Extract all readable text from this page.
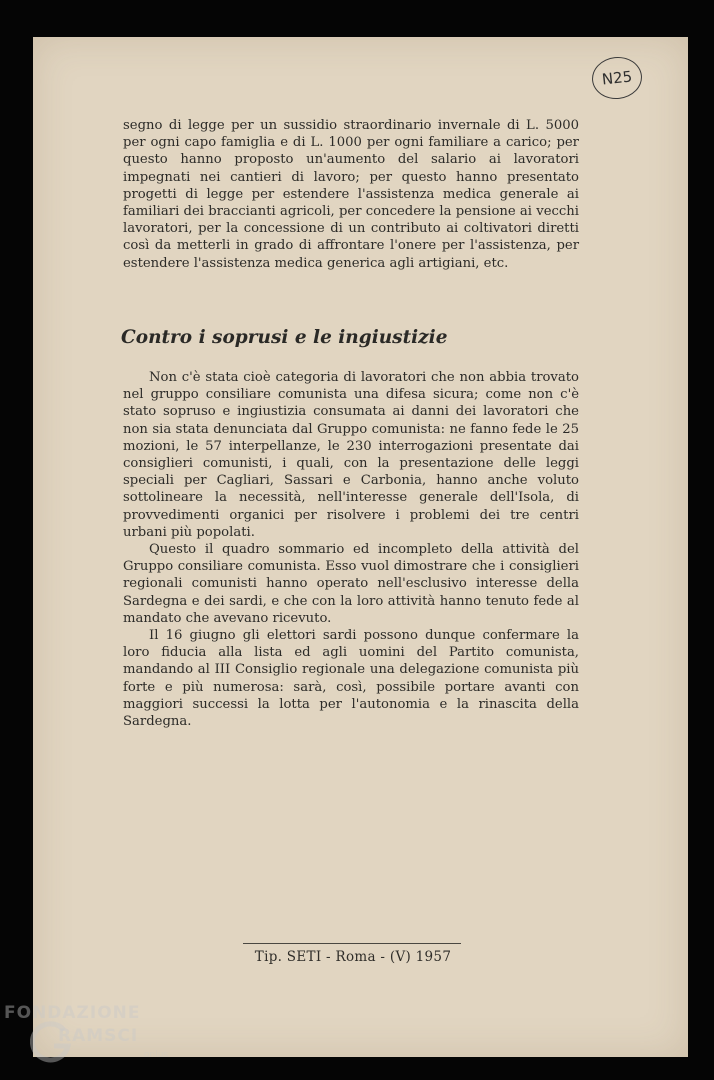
N25

segno di legge per un sussidio straordinario invernale di L. 5000 per ogni capo famiglia e di L. 1000 per ogni familiare a carico; per questo hanno proposto un'aumento del salario ai lavoratori impegnati nei cantieri di lavoro; per questo hanno presentato progetti di legge per estendere l'assistenza medica generale ai familiari dei braccianti agricoli, per concedere la pensione ai vecchi lavoratori, per la concessione di un contributo ai coltivatori diretti così da metterli in grado di affrontare l'onere per l'assistenza, per estendere l'assistenza medica generica agli artigiani, etc.

Contro i soprusi e le ingiustizie

Non c'è stata cioè categoria di lavoratori che non abbia trovato nel gruppo consiliare comunista una difesa sicura; come non c'è stato sopruso e ingiustizia consumata ai danni dei lavoratori che non sia stata denunciata dal Gruppo comunista: ne fanno fede le 25 mozioni, le 57 interpellanze, le 230 interrogazioni presentate dai consiglieri comunisti, i quali, con la presentazione delle leggi speciali per Cagliari, Sassari e Carbonia, hanno anche voluto sottolineare la necessità, nell'interesse generale dell'Isola, di provvedimenti organici per risolvere i problemi dei tre centri urbani più popolati.

Questo il quadro sommario ed incompleto della attività del Gruppo consiliare comunista. Esso vuol dimostrare che i consiglieri regionali comunisti hanno operato nell'esclusivo interesse della Sardegna e dei sardi, e che con la loro attività hanno tenuto fede al mandato che avevano ricevuto.

Il 16 giugno gli elettori sardi possono dunque confermare la loro fiducia alla lista ed agli uomini del Partito comunista, mandando al III Consiglio regionale una delegazione comunista più forte e più numerosa: sarà, così, possibile portare avanti con maggiori successi la lotta per l'autonomia e la rinascita della Sardegna.

Tip. SETI - Roma - (V) 1957
FONDAZIONE
RAMSCI
onlus
